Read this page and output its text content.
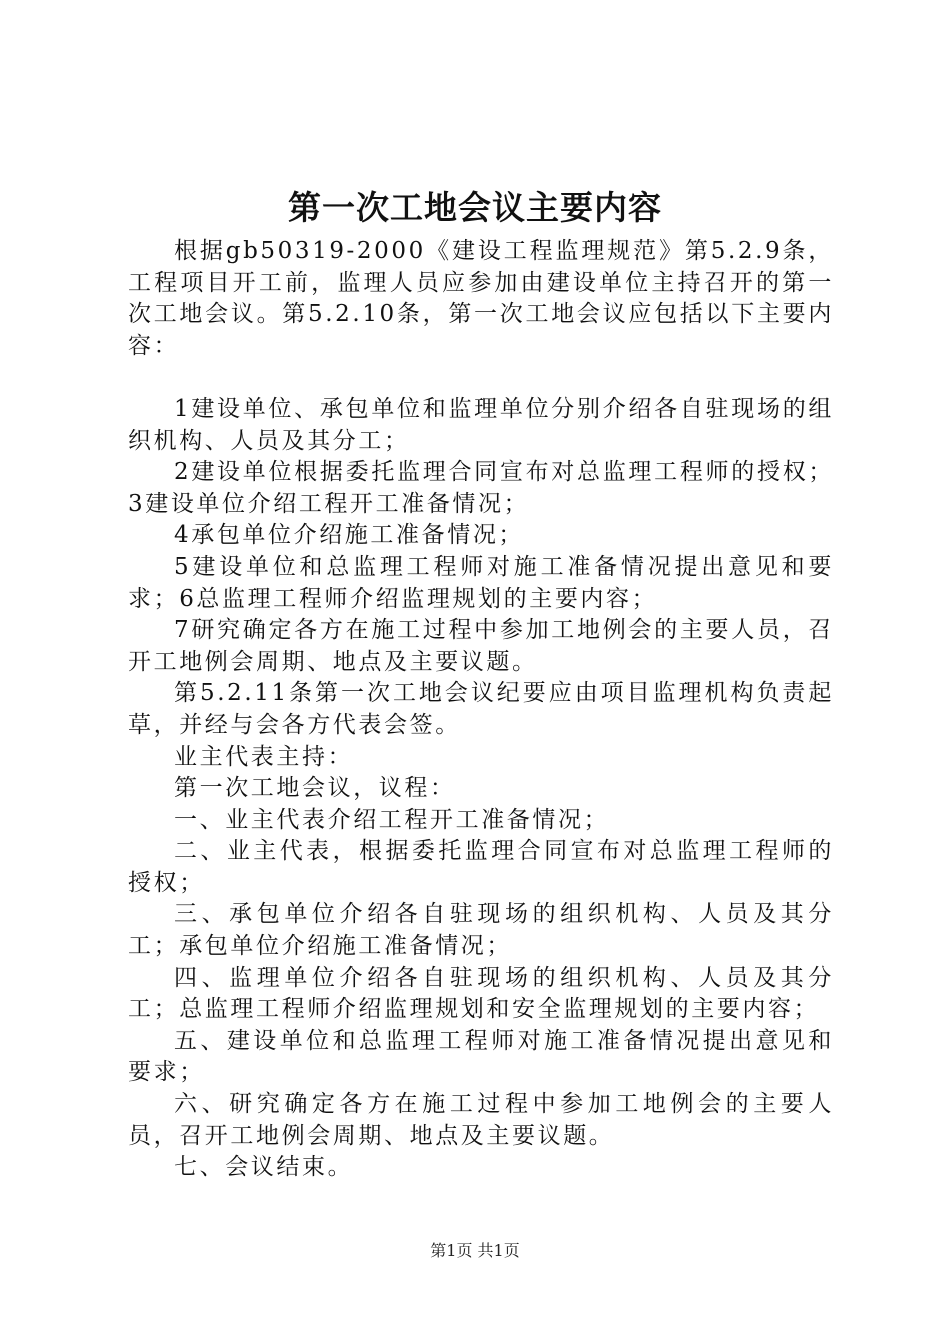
第一次工地会议主要内容

根据gb50319-2000《建设工程监理规范》第5.2.9条，工程项目开工前，监理人员应参加由建设单位主持召开的第一次工地会议。第5.2.10条，第一次工地会议应包括以下主要内容：

1建设单位、承包单位和监理单位分别介绍各自驻现场的组织机构、人员及其分工；

2建设单位根据委托监理合同宣布对总监理工程师的授权；3建设单位介绍工程开工准备情况；

4承包单位介绍施工准备情况；

5建设单位和总监理工程师对施工准备情况提出意见和要求；6总监理工程师介绍监理规划的主要内容；

7研究确定各方在施工过程中参加工地例会的主要人员，召开工地例会周期、地点及主要议题。

第5.2.11条第一次工地会议纪要应由项目监理机构负责起草，并经与会各方代表会签。

业主代表主持：

第一次工地会议，议程：

一、业主代表介绍工程开工准备情况；

二、业主代表，根据委托监理合同宣布对总监理工程师的授权；

三、承包单位介绍各自驻现场的组织机构、人员及其分工；承包单位介绍施工准备情况；

四、监理单位介绍各自驻现场的组织机构、人员及其分工；总监理工程师介绍监理规划和安全监理规划的主要内容；

五、建设单位和总监理工程师对施工准备情况提出意见和要求；

六、研究确定各方在施工过程中参加工地例会的主要人员，召开工地例会周期、地点及主要议题。

七、会议结束。

第1页 共1页
